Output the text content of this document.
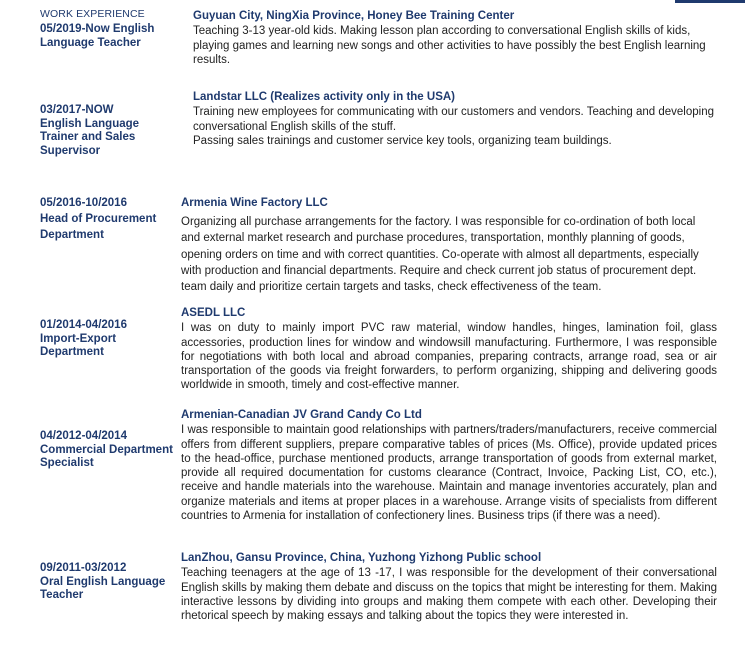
WORK EXPERIENCE
05/2019-Now English
Language Teacher
Guyuan City, NingXia Province, Honey Bee Training Center

Teaching 3-13 year-old kids. Making lesson plan according to conversational English skills of kids, playing games and learning new songs and other activities to have possibly the best English learning results.

03/2017-NOW
English Language Trainer and Sales Supervisor
Landstar LLC (Realizes activity only in the USA)

Training new employees for communicating with our customers and vendors. Teaching and developing conversational English skills of the stuff.

Passing sales trainings and customer service key tools, organizing team buildings.

05/2016-10/2016
Head of Procurement Department
Armenia Wine Factory LLC

Organizing all purchase arrangements for the factory. I was responsible for co-ordination of both local and external market research and purchase procedures, transportation, monthly planning of goods, opening orders on time and with correct quantities. Co-operate with almost all departments, especially with production and financial departments. Require and check current job status of procurement dept. team daily and prioritize certain targets and tasks, check effectiveness of the team.

01/2014-04/2016
Import-Export Department
ASEDL LLC

I was on duty to mainly import PVC raw material, window handles, hinges, lamination foil, glass accessories, production lines for window and windowsill manufacturing. Furthermore, I was responsible for negotiations with both local and abroad companies, preparing contracts, arrange road, sea or air transportation of the goods via freight forwarders, to perform organizing, shipping and delivering goods worldwide in smooth, timely and cost-effective manner.

04/2012-04/2014
Commercial Department Specialist
Armenian-Canadian JV Grand Candy Co Ltd

I was responsible to maintain good relationships with partners/traders/manufacturers, receive commercial offers from different suppliers, prepare comparative tables of prices (Ms. Office), provide updated prices to the head-office, purchase mentioned products, arrange transportation of goods from external market, provide all required documentation for customs clearance (Contract, Invoice, Packing List, CO, etc.), receive and handle materials into the warehouse. Maintain and manage inventories accurately, plan and organize materials and items at proper places in a warehouse. Arrange visits of specialists from different countries to Armenia for installation of confectionery lines. Business trips (if there was a need).

09/2011-03/2012
Oral English Language Teacher
LanZhou, Gansu Province, China, Yuzhong Yizhong Public school

Teaching teenagers at the age of 13 -17, I was responsible for the development of their conversational English skills by making them debate and discuss on the topics that might be interesting for them. Making interactive lessons by dividing into groups and making them compete with each other. Developing their rhetorical speech by making essays and talking about the topics they were interested in.
